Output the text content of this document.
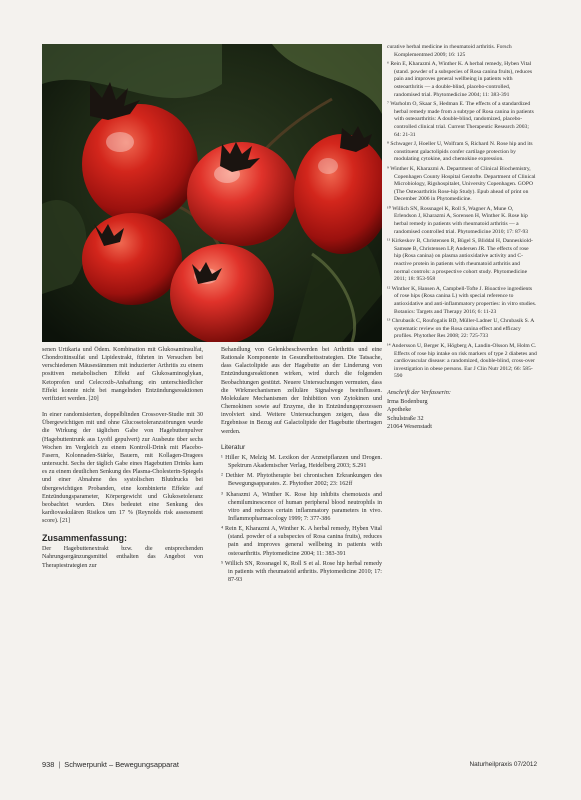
senen Urtikaria und Ödem. Kombination mit Glukosaminsulfat, Chondroitinsulfat und Lipidextrakt, führten in Versuchen bei verschiedenen Mäusestämmen mit induzierter Arthritis zu einem positiven metabolischen Effekt auf Glukosaminoglykan, Ketoprofen und Celecoxib-Anhaftung; ein unterschiedlicher Effekt konnte nicht bei mangelnden Entzündungsreaktionen verifiziert werden. [20]

In einer randomisierten, doppelblinden Crossover-Studie mit 30 Übergewichtigen mit und ohne Glucosetoleranzstörungen wurde die Wirkung der täglichen Gabe von Hagebuttenpulver (Hagebuttentrunk aus Lyofil gepulvert) zur Ausbeute über sechs Wochen im Vergleich zu einem Kontroll-Drink mit Placebo-Fasern, Kolonnaden-Stärke, Bauern, mit Kollagen-Dragees untersucht. Sechs der täglich Gabe eines Hagebutten Drinks kam es zu einem deutlichen Senkung des Plasma-Cholesterin-Spiegels und einer Abnahme des systolischen Blutdrucks bei übergewichtigen Probanden, eine kombinierte Effekte auf Entzündungsparameter, Körpergewicht und Glukosetoleranz beobachtet wurden. Dies bedeutet eine Senkung des kardiovaskulären Risikos um 17 % (Reynolds risk assessment score). [21]

Zusammenfassung:

Der Hagebuttenextrakt bzw. die entsprechenden Nahrungsergänzungsmittel enthalten das Angebot von Therapiestrategien zur

Behandlung von Gelenkbeschwerden bei Arthritis und eine Rationale Komponente in Gesundheitsstrategien. Die Tatsache, dass Galactolipide aus der Hagebutte an der Linderung von Entzündungsreaktionen wirken, wird durch die folgenden Beobachtungen gestützt. Neuere Untersuchungen vermuten, dass die Wirkmechanismen zelluläre Signalwege beeinflussen. Molekulare Mechanismen der Inhibition von Zytokinen und Chemokinen sowie auf Enzyme, die in Entzündungsprozessen involviert sind. Weitere Untersuchungen zeigen, dass die Ergebnisse in Bezug auf Galactolipide der Hagebutte übertragen werden.

Literatur
¹ Hiller K, Melzig M. Lexikon der Arzneipflanzen und Drogen. Spektrum Akademischer Verlag, Heidelberg 2003; S.291
² Dethier M. Phytotherapie bei chronischen Erkrankungen des Bewegungsapparates. Z. Phytother 2002; 23: 162ff
³ Kharazmi A, Winther K. Rose hip inhibits chemotaxis and chemiluminescence of human peripheral blood neutrophils in vitro and reduces certain inflammatory parameters in vivo. Inflammopharmacology 1999; 7: 377-386
⁴ Rein E, Kharazmi A, Winther K. A herbal remedy, Hyben Vital (stand. powder of a subspecies of Rosa canina fruits), reduces pain and improves general wellbeing in patients with osteoarthritis. Phytomedicine 2004; 11: 383-391
⁵ Willich SN, Rossnagel K, Roll S et al. Rose hip herbal remedy in patients with rheumatoid arthritis. Phytomedicine 2010; 17: 87-93
curative herbal medicine in rheumatoid arthritis. Forsch Komplementmed 2009; 16: 125
⁶ Rein E, Kharazmi A, Winther K. A herbal remedy, Hyben Vital (stand. powder of a subspecies of Rosa canina fruits), reduces pain and improves general wellbeing in patients with osteoarthritis — a double-blind, placebo-controlled, randomised trial. Phytomedicine 2004; 11: 383-391
⁷ Warholm O, Skaar S, Hedman E. The effects of a standardized herbal remedy made from a subtype of Rosa canina in patients with osteoarthritis: A double-blind, randomized, placebo-controlled clinical trial. Current Therapeutic Research 2003; 64: 21-31
⁸ Schwager J, Hoeller U, Wolfram S, Richard N. Rose hip and its constituent galactolipids confer cartilage protection by modulating cytokine, and chemokine expression.
⁹ Winther K, Kharazmi A. Department of Clinical Biochemistry, Copenhagen County Hospital Gentofte. Department of Clinical Microbiology, Rigshospitalet, University Copenhagen. GOPO (The Osteoarthritis Rose-hip Study). Epub ahead of print on December 2006 in Phytomedicine.
¹⁰ Willich SN, Rossnagel K, Roll S, Wagner A, Mune O, Erlendson J, Kharazmi A, Sorensen H, Winther K. Rose hip herbal remedy in patients with rheumatoid arthritis — a randomised controlled trial. Phytomedicine 2010; 17: 87-93
¹¹ Kirkeskov B, Christensen R, Bügel S, Bliddal H, Danneskiold-Samsøe B, Christensen LP, Andersen JR. The effects of rose hip (Rosa canina) on plasma antioxidative activity and C-reactive protein in patients with rheumatoid arthritis and normal controls: a prospective cohort study. Phytomedicine 2011; 18: 953-958
¹² Winther K, Hansen A, Campbell-Tofte J. Bioactive ingredients of rose hips (Rosa canina L) with special reference to antioxidative and anti-inflammatory properties: in vitro studies. Botanics: Targets and Therapy 2016; 6: 11-23
¹³ Chrubasik C, Roufogalis BD, Müller-Ladner U, Chrubasik S. A systematic review on the Rosa canina effect and efficacy profiles. Phytother Res 2008; 22: 725-733
¹⁴ Andersson U, Berger K, Högberg A, Landin-Olsson M, Holm C. Effects of rose hip intake on risk markers of type 2 diabetes and cardiovascular disease: a randomized, double-blind, cross-over investigation in obese persons. Eur J Clin Nutr 2012; 66: 585-590
Anschrift der Verfasserin:
Irma Bodenburg
Apotheke
Schulstraße 32
21064 Wesenstadt
938 | Schwerpunkt – Bewegungsapparat	Naturheilpraxis 07/2012
